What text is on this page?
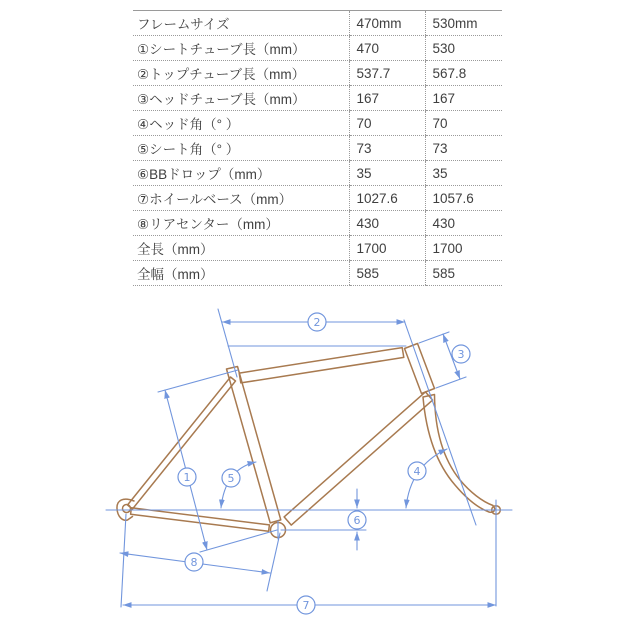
フレームサイズ	470mm	530mm
①シートチューブ長（mm）	470	530
②トップチューブ長（mm）	537.7	567.8
③ヘッドチューブ長（mm）	167	167
④ヘッド角（° ）	70	70
⑤シート角（° ）	73	73
⑥BBドロップ（mm）	35	35
⑦ホイールベース（mm）	1027.6	1057.6
⑧リアセンター（mm）	430	430
全長（mm）	1700	1700
全幅（mm）	585	585
1
2
3
4
5
6
7
8
